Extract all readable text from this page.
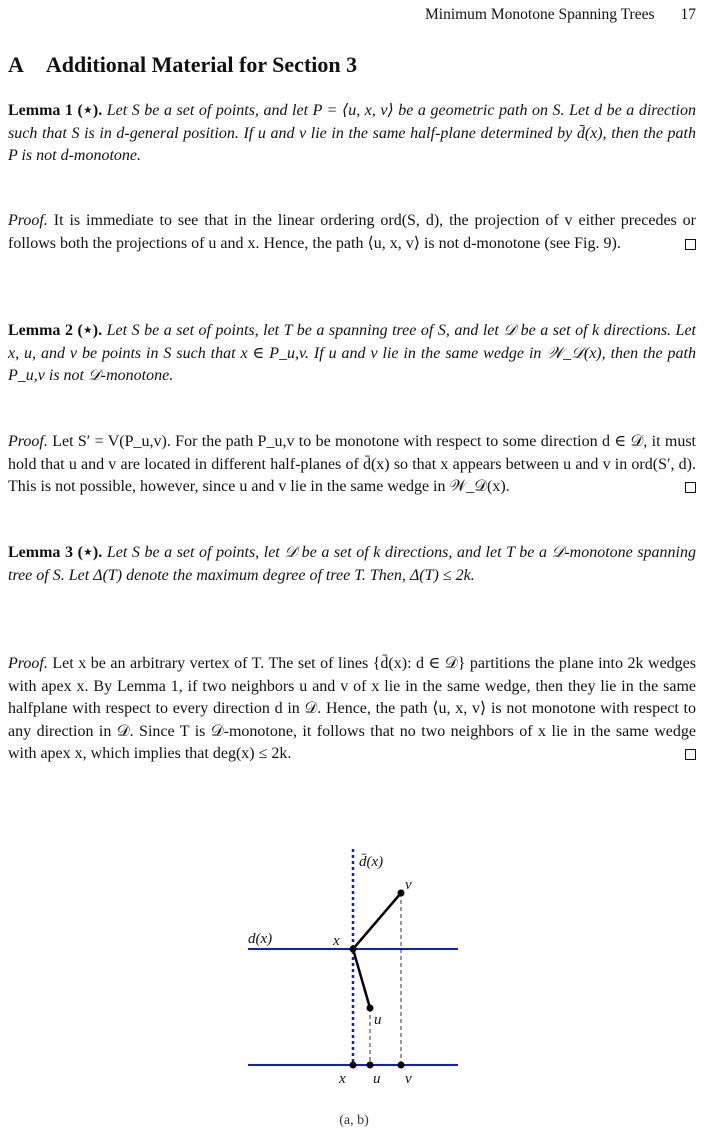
Minimum Monotone Spanning Trees 17
A Additional Material for Section 3

Lemma 1 (⋆). Let S be a set of points, and let P = ⟨u, x, v⟩ be a geometric path on S. Let d be a direction such that S is in d-general position. If u and v lie in the same half-plane determined by d̄(x), then the path P is not d-monotone.

Proof. It is immediate to see that in the linear ordering ord(S, d), the projection of v either precedes or follows both the projections of u and x. Hence, the path ⟨u, x, v⟩ is not d-monotone (see Fig. 9).

Lemma 2 (⋆). Let S be a set of points, let T be a spanning tree of S, and let 𝒟 be a set of k directions. Let x, u, and v be points in S such that x ∈ P_u,v. If u and v lie in the same wedge in 𝒲_𝒟(x), then the path P_u,v is not 𝒟-monotone.

Proof. Let S′ = V(P_u,v). For the path P_u,v to be monotone with respect to some direction d ∈ 𝒟, it must hold that u and v are located in different half-planes of d̄(x) so that x appears between u and v in ord(S′, d). This is not possible, however, since u and v lie in the same wedge in 𝒲_𝒟(x).

Lemma 3 (⋆). Let S be a set of points, let 𝒟 be a set of k directions, and let T be a 𝒟-monotone spanning tree of S. Let Δ(T) denote the maximum degree of tree T. Then, Δ(T) ≤ 2k.

Proof. Let x be an arbitrary vertex of T. The set of lines {d̄(x): d ∈ 𝒟} partitions the plane into 2k wedges with apex x. By Lemma 1, if two neighbors u and v of x lie in the same wedge, then they lie in the same halfplane with respect to every direction d in 𝒟. Hence, the path ⟨u, x, v⟩ is not monotone with respect to any direction in 𝒟. Since T is 𝒟-monotone, it follows that no two neighbors of x lie in the same wedge with apex x, which implies that deg(x) ≤ 2k.

d̄(x)
v
d(x)	x
u
x u v
(a, b)
